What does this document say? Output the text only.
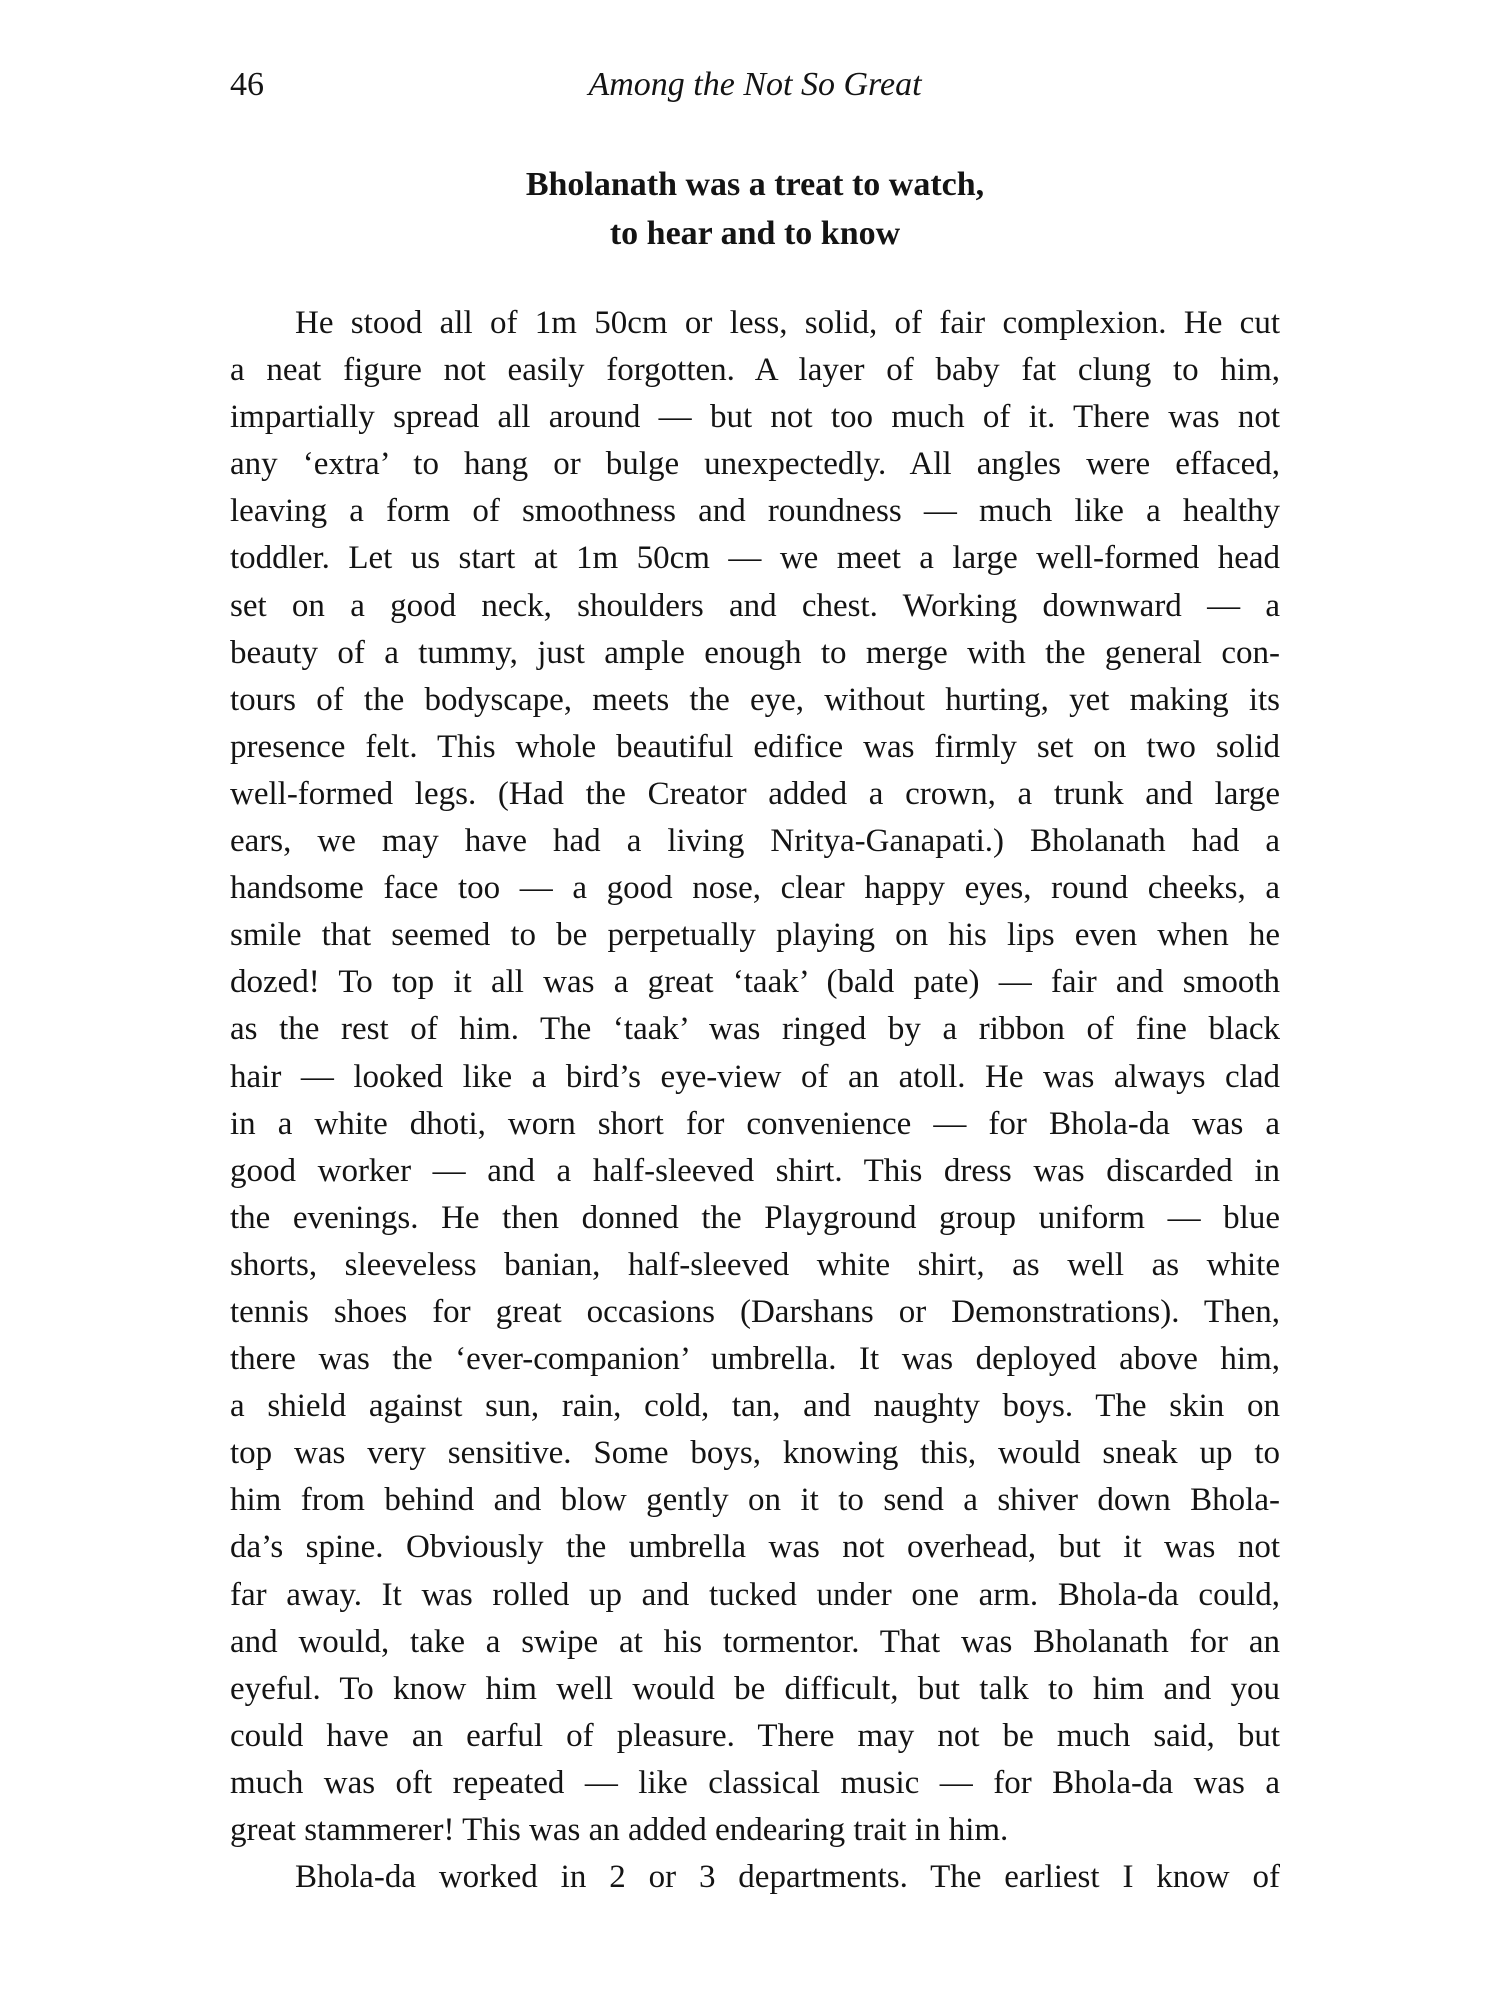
46	Among the Not So Great
Bholanath was a treat to watch,
to hear and to know
He stood all of 1m 50cm or less, solid, of fair complexion. He cut
a neat figure not easily forgotten. A layer of baby fat clung to him,
impartially spread all around — but not too much of it. There was not
any ‘extra’ to hang or bulge unexpectedly. All angles were effaced,
leaving a form of smoothness and roundness — much like a healthy
toddler. Let us start at 1m 50cm — we meet a large well-formed head
set on a good neck, shoulders and chest. Working downward — a
beauty of a tummy, just ample enough to merge with the general con-
tours of the bodyscape, meets the eye, without hurting, yet making its
presence felt. This whole beautiful edifice was firmly set on two solid
well-formed legs. (Had the Creator added a crown, a trunk and large
ears, we may have had a living Nritya-Ganapati.) Bholanath had a
handsome face too — a good nose, clear happy eyes, round cheeks, a
smile that seemed to be perpetually playing on his lips even when he
dozed! To top it all was a great ‘taak’ (bald pate) — fair and smooth
as the rest of him. The ‘taak’ was ringed by a ribbon of fine black
hair — looked like a bird’s eye-view of an atoll. He was always clad
in a white dhoti, worn short for convenience — for Bhola-da was a
good worker — and a half-sleeved shirt. This dress was discarded in
the evenings. He then donned the Playground group uniform — blue
shorts, sleeveless banian, half-sleeved white shirt, as well as white
tennis shoes for great occasions (Darshans or Demonstrations). Then,
there was the ‘ever-companion’ umbrella. It was deployed above him,
a shield against sun, rain, cold, tan, and naughty boys. The skin on
top was very sensitive. Some boys, knowing this, would sneak up to
him from behind and blow gently on it to send a shiver down Bhola-
da’s spine. Obviously the umbrella was not overhead, but it was not
far away. It was rolled up and tucked under one arm. Bhola-da could,
and would, take a swipe at his tormentor. That was Bholanath for an
eyeful. To know him well would be difficult, but talk to him and you
could have an earful of pleasure. There may not be much said, but
much was oft repeated — like classical music — for Bhola-da was a
great stammerer! This was an added endearing trait in him.
Bhola-da worked in 2 or 3 departments. The earliest I know of
